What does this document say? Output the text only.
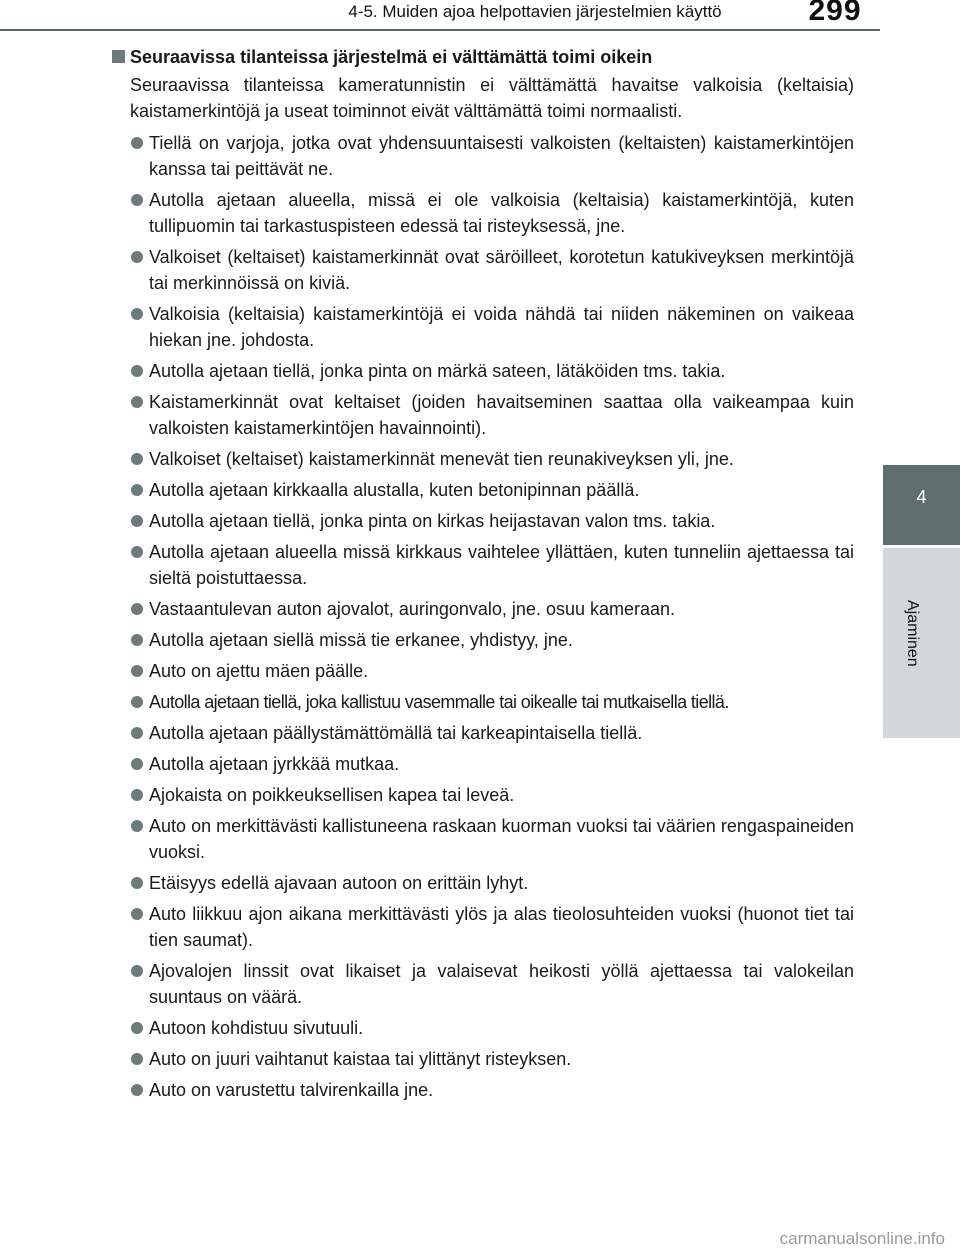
4-5. Muiden ajoa helpottavien järjestelmien käyttö	299
4
Ajaminen

Seuraavissa tilanteissa järjestelmä ei välttämättä toimi oikein

Seuraavissa tilanteissa kameratunnistin ei välttämättä havaitse valkoisia (keltaisia) kaistamerkintöjä ja useat toiminnot eivät välttämättä toimi normaalisti.

Tiellä on varjoja, jotka ovat yhdensuuntaisesti valkoisten (keltaisten) kaistamerkintöjen kanssa tai peittävät ne.
Autolla ajetaan alueella, missä ei ole valkoisia (keltaisia) kaistamerkintöjä, kuten tullipuomin tai tarkastuspisteen edessä tai risteyksessä, jne.
Valkoiset (keltaiset) kaistamerkinnät ovat säröilleet, korotetun katukiveyksen merkintöjä tai merkinnöissä on kiviä.
Valkoisia (keltaisia) kaistamerkintöjä ei voida nähdä tai niiden näkeminen on vaikeaa hiekan jne. johdosta.
Autolla ajetaan tiellä, jonka pinta on märkä sateen, lätäköiden tms. takia.
Kaistamerkinnät ovat keltaiset (joiden havaitseminen saattaa olla vaikeampaa kuin valkoisten kaistamerkintöjen havainnointi).
Valkoiset (keltaiset) kaistamerkinnät menevät tien reunakiveyksen yli, jne.
Autolla ajetaan kirkkaalla alustalla, kuten betonipinnan päällä.
Autolla ajetaan tiellä, jonka pinta on kirkas heijastavan valon tms. takia.
Autolla ajetaan alueella missä kirkkaus vaihtelee yllättäen, kuten tunneliin ajettaessa tai sieltä poistuttaessa.
Vastaantulevan auton ajovalot, auringonvalo, jne. osuu kameraan.
Autolla ajetaan siellä missä tie erkanee, yhdistyy, jne.
Auto on ajettu mäen päälle.
Autolla ajetaan tiellä, joka kallistuu vasemmalle tai oikealle tai mutkaisella tiellä.
Autolla ajetaan päällystämättömällä tai karkeapintaisella tiellä.
Autolla ajetaan jyrkkää mutkaa.
Ajokaista on poikkeuksellisen kapea tai leveä.
Auto on merkittävästi kallistuneena raskaan kuorman vuoksi tai väärien rengaspaineiden vuoksi.
Etäisyys edellä ajavaan autoon on erittäin lyhyt.
Auto liikkuu ajon aikana merkittävästi ylös ja alas tieolosuhteiden vuoksi (huonot tiet tai tien saumat).
Ajovalojen linssit ovat likaiset ja valaisevat heikosti yöllä ajettaessa tai valokeilan suuntaus on väärä.
Autoon kohdistuu sivutuuli.
Auto on juuri vaihtanut kaistaa tai ylittänyt risteyksen.
Auto on varustettu talvirenkailla jne.
carmanualsonline.info
